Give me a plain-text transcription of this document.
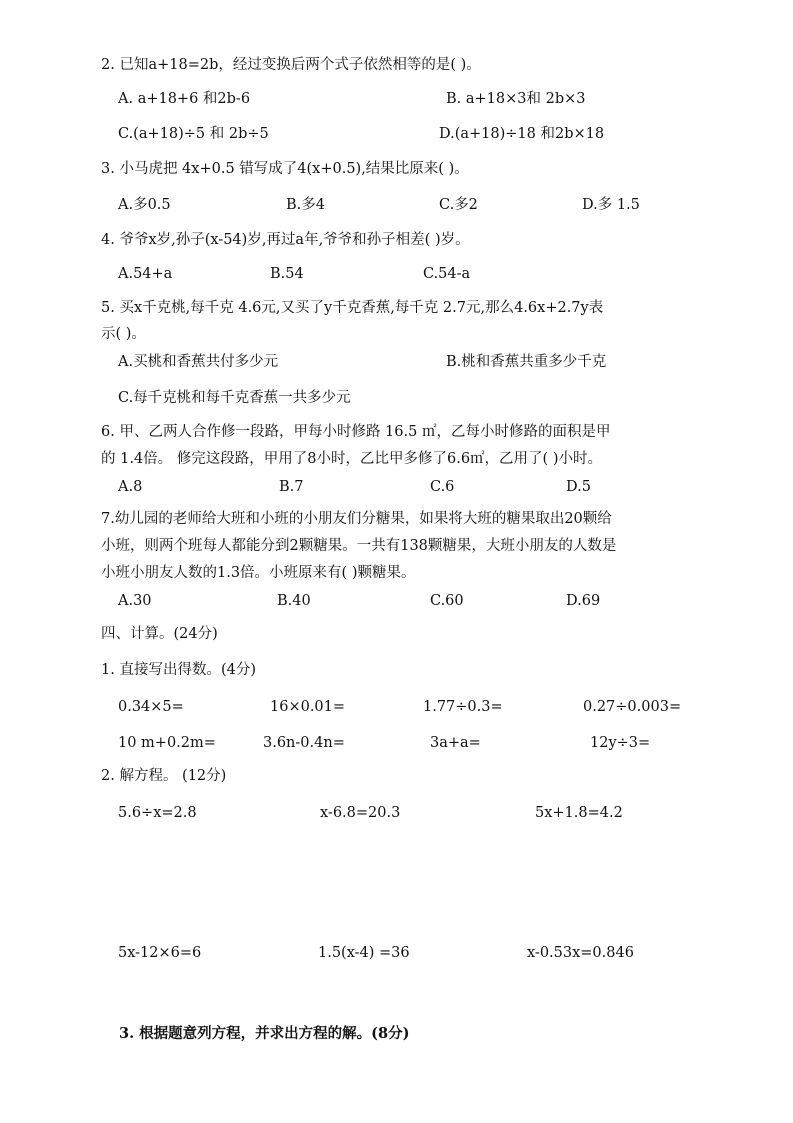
2. 已知a+18=2b，经过变换后两个式子依然相等的是( )。
A. a+18+6 和2b-6	B. a+18×3和 2b×3
C.(a+18)÷5 和 2b÷5	D.(a+18)÷18 和2b×18
3. 小马虎把 4x+0.5 错写成了4(x+0.5),结果比原来( )。
A.多0.5	B.多4	C.多2	D.多 1.5
4. 爷爷x岁,孙子(x-54)岁,再过a年,爷爷和孙子相差( )岁。
A.54+a	B.54	C.54-a
5. 买x千克桃,每千克 4.6元,又买了y千克香蕉,每千克 2.7元,那么4.6x+2.7y表
示( )。
A.买桃和香蕉共付多少元	B.桃和香蕉共重多少千克
C.每千克桃和每千克香蕉一共多少元
6. 甲、乙两人合作修一段路，甲每小时修路 16.5 ㎡，乙每小时修路的面积是甲
的 1.4倍。 修完这段路，甲用了8小时，乙比甲多修了6.6㎡，乙用了( )小时。
A.8	B.7	C.6	D.5
7.幼儿园的老师给大班和小班的小朋友们分糖果，如果将大班的糖果取出20颗给
小班，则两个班每人都能分到2颗糖果。一共有138颗糖果，大班小朋友的人数是
小班小朋友人数的1.3倍。小班原来有( )颗糖果。
A.30	B.40	C.60	D.69
四、计算。(24分)
1. 直接写出得数。(4分)
0.34×5=	16×0.01=	1.77÷0.3=	0.27÷0.003=
10 m+0.2m=	3.6n-0.4n=	3a+a=	12y÷3=
2. 解方程。 (12分)
5.6÷x=2.8	x-6.8=20.3	5x+1.8=4.2
5x-12×6=6	1.5(x-4) =36	x-0.53x=0.846
3. 根据题意列方程，并求出方程的解。(8分)
